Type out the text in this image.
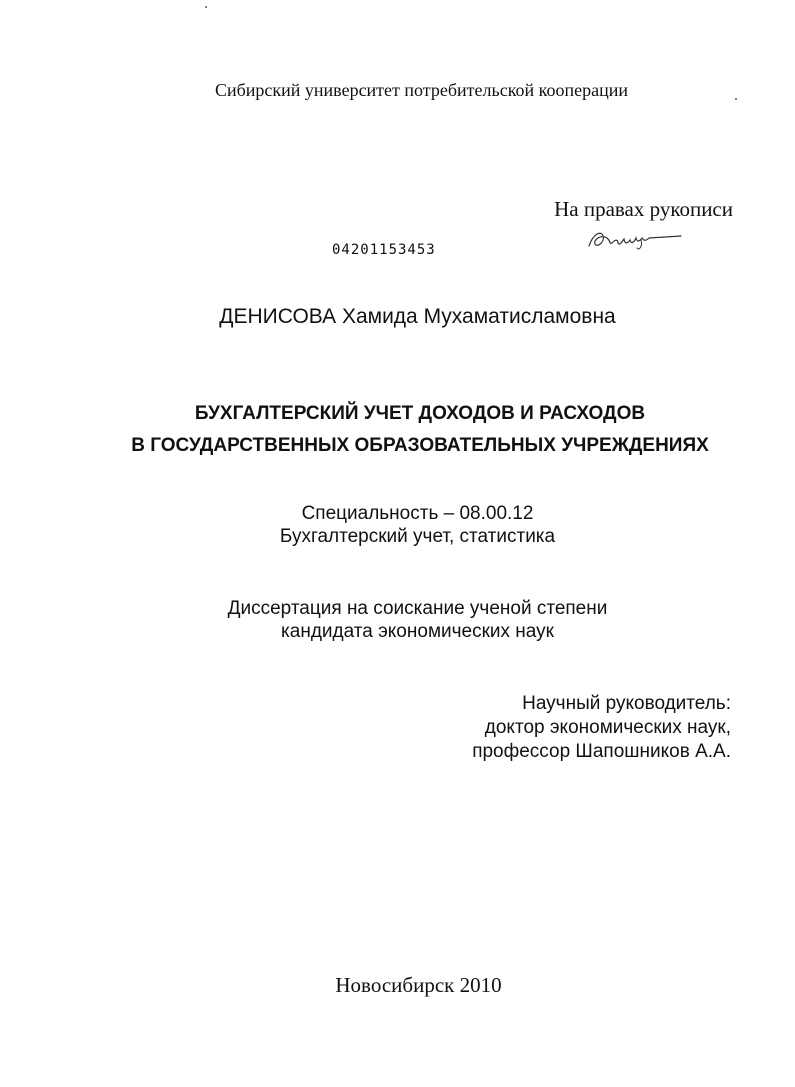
Сибирский университет потребительской кооперации
На правах рукописи
04201153453
ДЕНИСОВА Хамида Мухаматисламовна
БУХГАЛТЕРСКИЙ УЧЕТ ДОХОДОВ И РАСХОДОВ
В ГОСУДАРСТВЕННЫХ ОБРАЗОВАТЕЛЬНЫХ УЧРЕЖДЕНИЯХ
Специальность – 08.00.12
Бухгалтерский учет, статистика
Диссертация на соискание ученой степени
кандидата экономических наук
Научный руководитель:
доктор экономических наук,
профессор Шапошников А.А.
Новосибирск 2010
